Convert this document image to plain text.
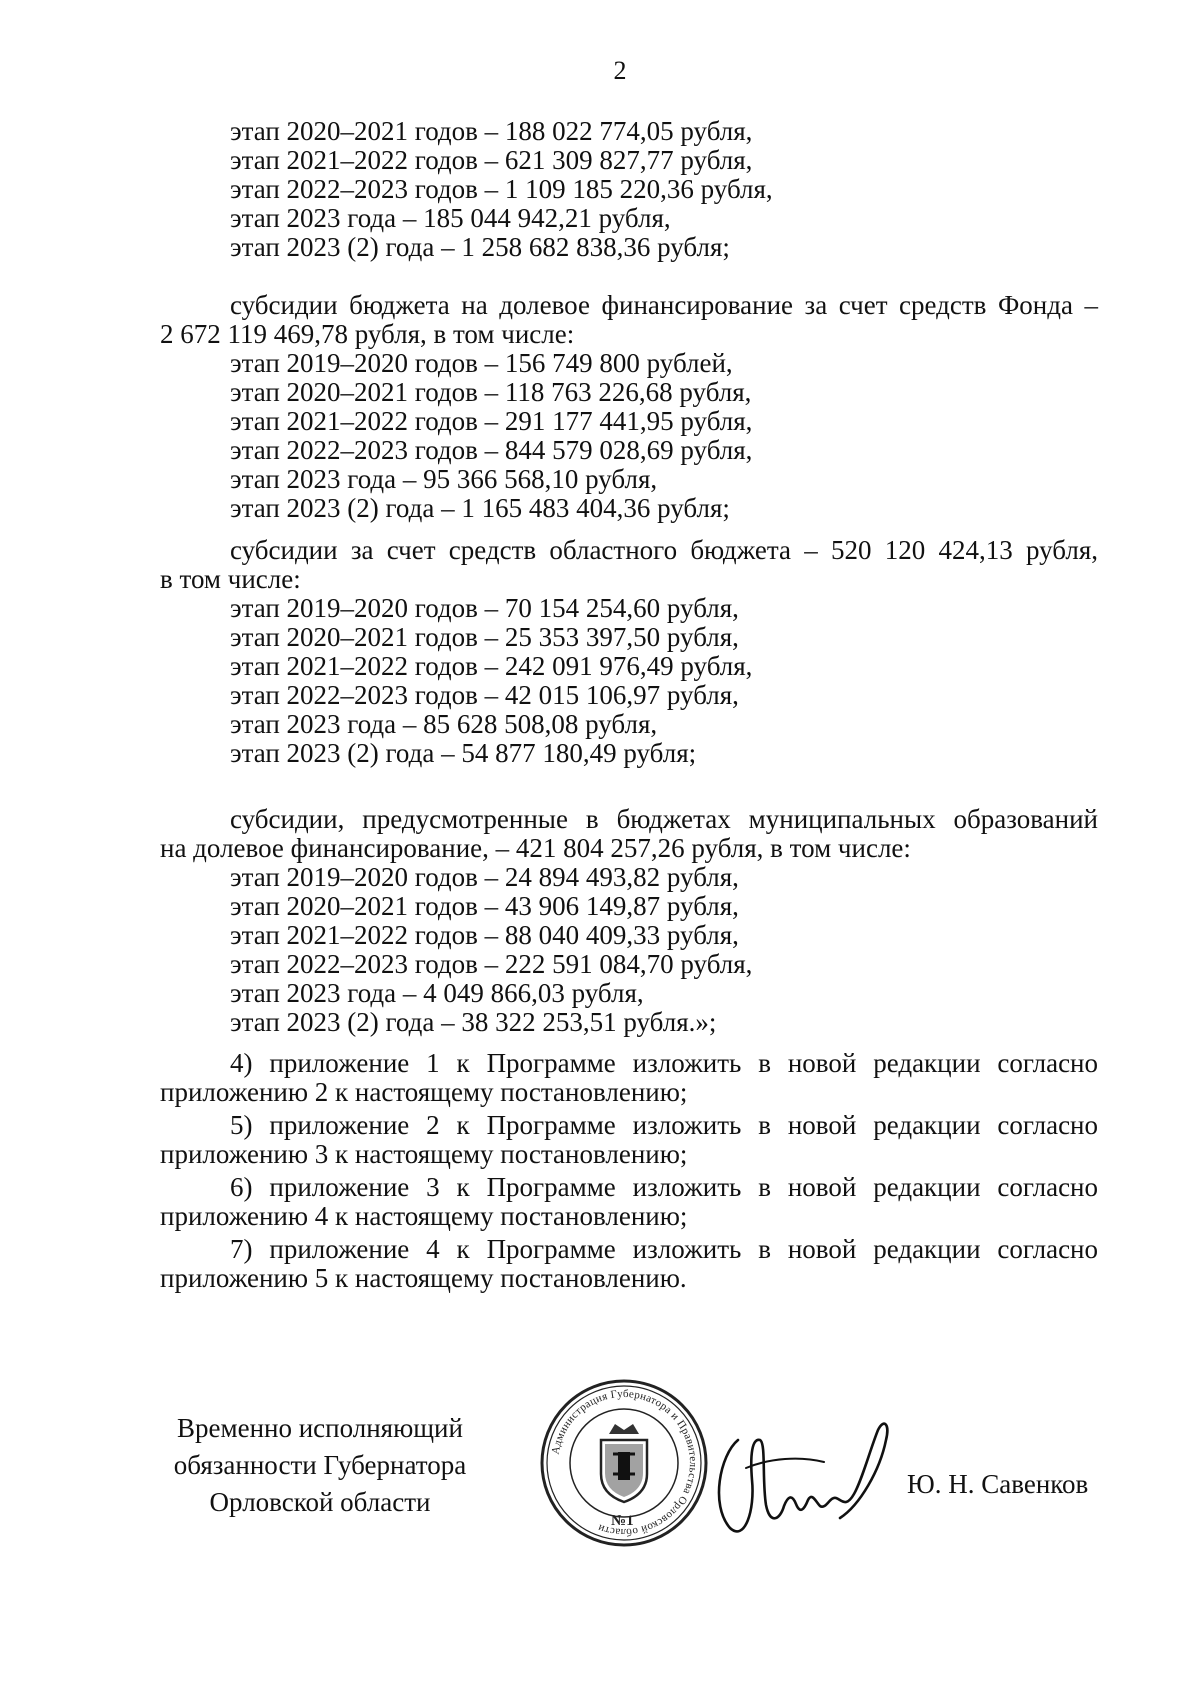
2
этап 2020–2021 годов – 188 022 774,05 рубля,
этап 2021–2022 годов – 621 309 827,77 рубля,
этап 2022–2023 годов – 1 109 185 220,36 рубля,
этап 2023 года – 185 044 942,21 рубля,
этап 2023 (2) года – 1 258 682 838,36 рубля;
субсидии бюджета на долевое финансирование за счет средств Фонда –
2 672 119 469,78 рубля, в том числе:
этап 2019–2020 годов – 156 749 800 рублей,
этап 2020–2021 годов – 118 763 226,68 рубля,
этап 2021–2022 годов – 291 177 441,95 рубля,
этап 2022–2023 годов – 844 579 028,69 рубля,
этап 2023 года – 95 366 568,10 рубля,
этап 2023 (2) года – 1 165 483 404,36 рубля;
субсидии за счет средств областного бюджета – 520 120 424,13 рубля,
в том числе:
этап 2019–2020 годов – 70 154 254,60 рубля,
этап 2020–2021 годов – 25 353 397,50 рубля,
этап 2021–2022 годов – 242 091 976,49 рубля,
этап 2022–2023 годов – 42 015 106,97 рубля,
этап 2023 года – 85 628 508,08 рубля,
этап 2023 (2) года – 54 877 180,49 рубля;
субсидии, предусмотренные в бюджетах муниципальных образований
на долевое финансирование, – 421 804 257,26 рубля, в том числе:
этап 2019–2020 годов – 24 894 493,82 рубля,
этап 2020–2021 годов – 43 906 149,87 рубля,
этап 2021–2022 годов – 88 040 409,33 рубля,
этап 2022–2023 годов – 222 591 084,70 рубля,
этап 2023 года – 4 049 866,03 рубля,
этап 2023 (2) года – 38 322 253,51 рубля.»;
4) приложение 1 к Программе изложить в новой редакции согласно
приложению 2 к настоящему постановлению;
5) приложение 2 к Программе изложить в новой редакции согласно
приложению 3 к настоящему постановлению;
6) приложение 3 к Программе изложить в новой редакции согласно
приложению 4 к настоящему постановлению;
7) приложение 4 к Программе изложить в новой редакции согласно
приложению 5 к настоящему постановлению.
Временно исполняющий
обязанности Губернатора
Орловской области
Администрация Губернатора и Правительства Орловской области №1
Ю. Н. Савенков
